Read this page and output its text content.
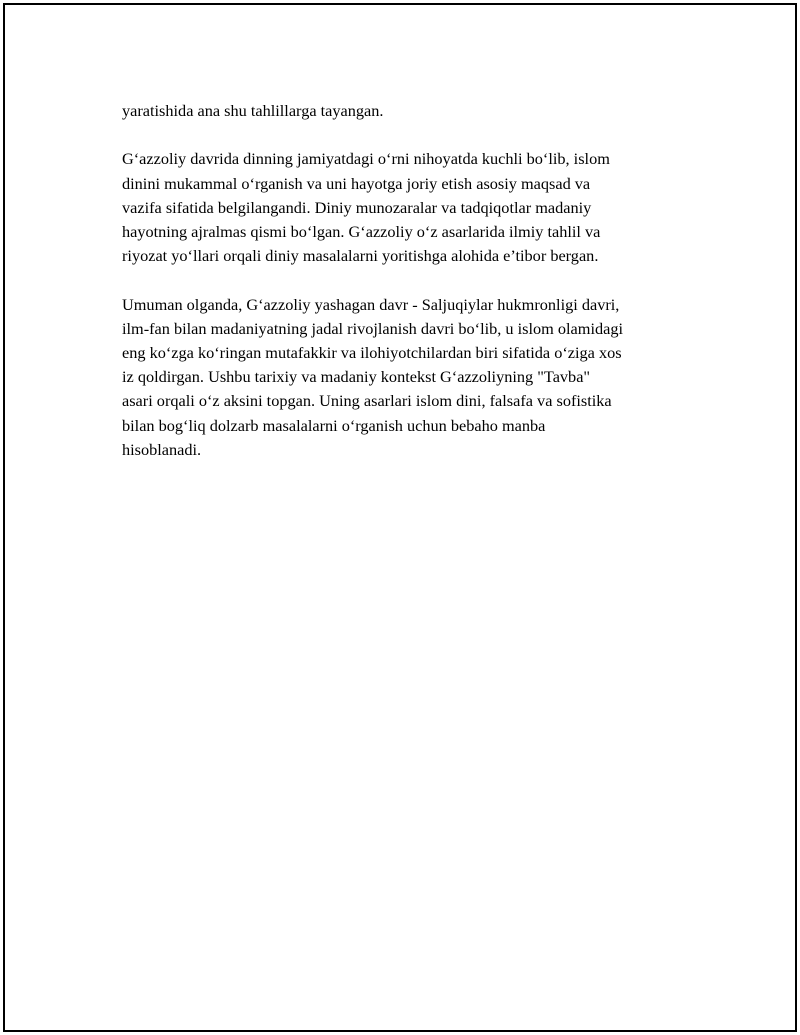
yaratishida ana shu tahlillarga tayangan.

G‘azzoliy davrida dinning jamiyatdagi o‘rni nihoyatda kuchli bo‘lib, islom
dinini mukammal o‘rganish va uni hayotga joriy etish asosiy maqsad va
vazifa sifatida belgilangandi. Diniy munozaralar va tadqiqotlar madaniy
hayotning ajralmas qismi bo‘lgan. G‘azzoliy o‘z asarlarida ilmiy tahlil va
riyozat yo‘llari orqali diniy masalalarni yoritishga alohida e’tibor bergan.

Umuman olganda, G‘azzoliy yashagan davr - Saljuqiylar hukmronligi davri,
ilm-fan bilan madaniyatning jadal rivojlanish davri bo‘lib, u islom olamidagi
eng ko‘zga ko‘ringan mutafakkir va ilohiyotchilardan biri sifatida o‘ziga xos
iz qoldirgan. Ushbu tarixiy va madaniy kontekst G‘azzoliyning "Tavba"
asari orqali o‘z aksini topgan. Uning asarlari islom dini, falsafa va sofistika
bilan bog‘liq dolzarb masalalarni o‘rganish uchun bebaho manba
hisoblanadi.
